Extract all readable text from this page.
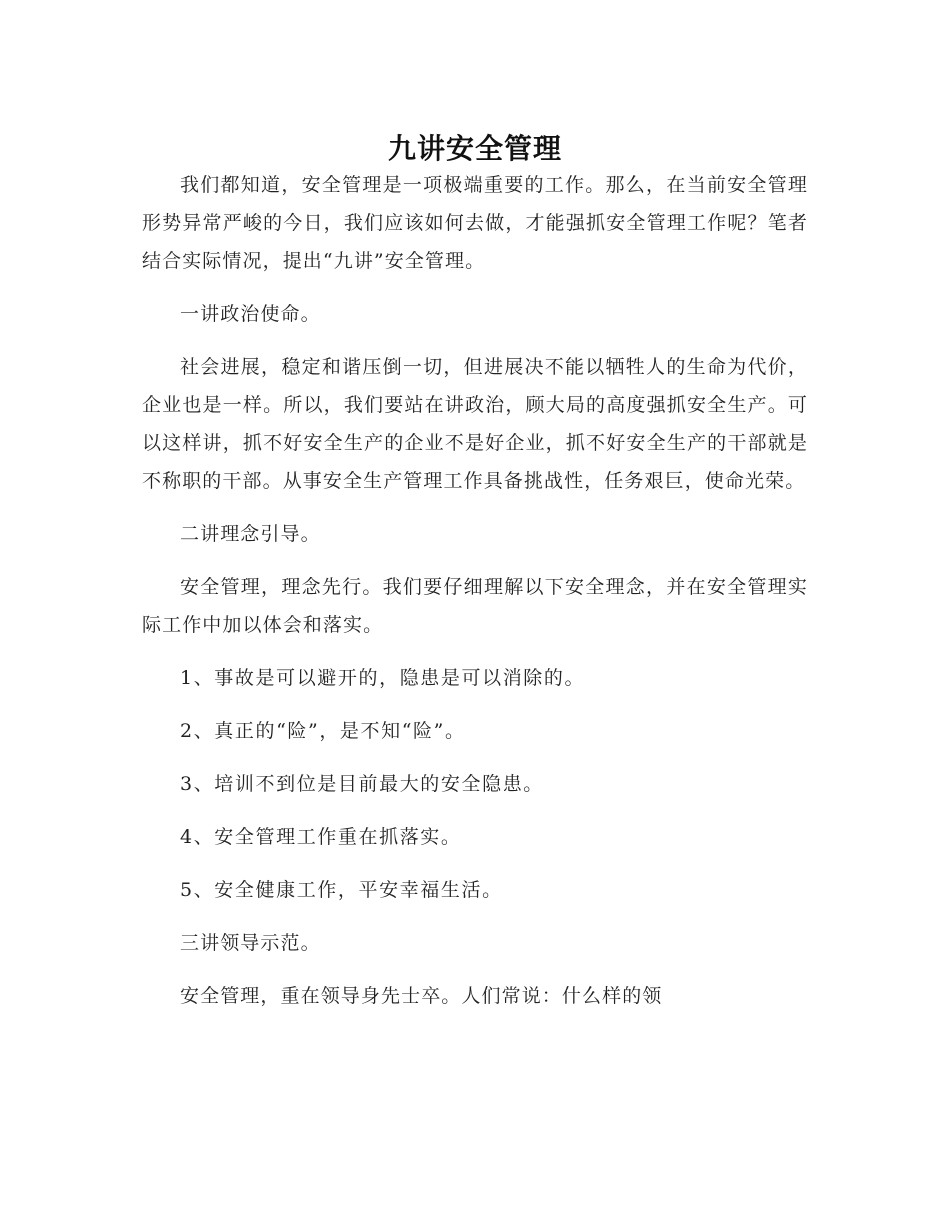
九讲安全管理

我们都知道，安全管理是一项极端重要的工作。那么，在当前安全管理形势异常严峻的今日，我们应该如何去做，才能强抓安全管理工作呢？笔者结合实际情况，提出“九讲”安全管理。

一讲政治使命。

社会进展，稳定和谐压倒一切，但进展决不能以牺牲人的生命为代价， 企业也是一样。所以，我们要站在讲政治，顾大局的高度强抓安全生产。可以这样讲，抓不好安全生产的企业不是好企业，抓不好安全生产的干部就是不称职的干部。从事安全生产管理工作具备挑战性，任务艰巨，使命光荣。

二讲理念引导。

安全管理，理念先行。我们要仔细理解以下安全理念，并在安全管理实际工作中加以体会和落实。

1、事故是可以避开的，隐患是可以消除的。

2、真正的“险”，是不知“险”。

3、培训不到位是目前最大的安全隐患。

4、安全管理工作重在抓落实。

5、安全健康工作，平安幸福生活。

三讲领导示范。

安全管理，重在领导身先士卒。人们常说：什么样的领
